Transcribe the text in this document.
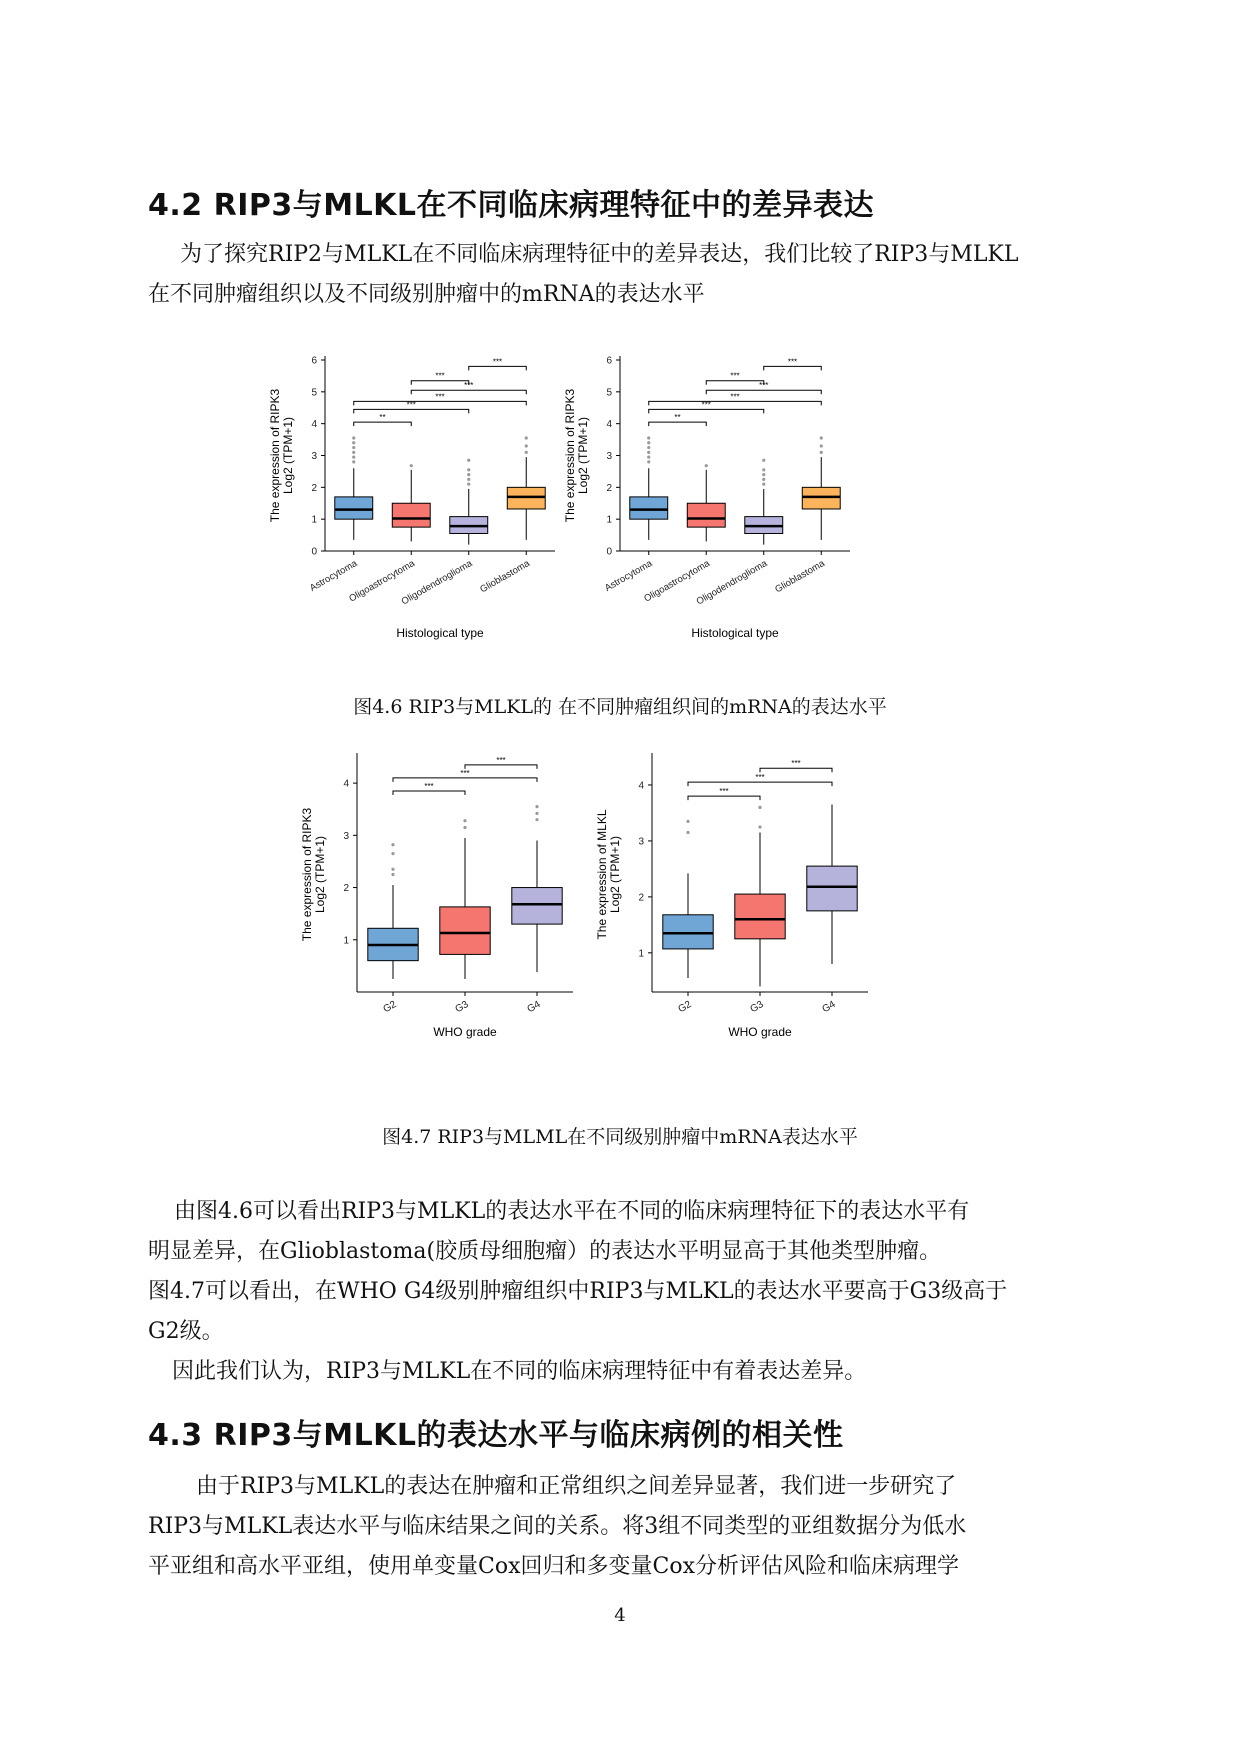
4.2 RIP3与MLKL在不同临床病理特征中的差异表达

为了探究RIP2与MLKL在不同临床病理特征中的差异表达，我们比较了RIP3与MLKL

在不同肿瘤组织以及不同级别肿瘤中的mRNA的表达水平

0
1
2
3
4
5
6
The expression of RIPK3 Log2 (TPM+1)
Astrocytoma
Oligoastrocytoma
Oligodendroglioma Glioblastoma
Histological type
**
***
***
***
***
***
0
1
2
3
4
5
6
The expression of RIPK3 Log2 (TPM+1)
Astrocytoma
Oligoastrocytoma
Oligodendroglioma Glioblastoma
Histological type
**
***
***
***
***
***

图4.6 RIP3与MLKL的 在不同肿瘤组织间的mRNA的表达水平

1
2
3
4
The expression of RIPK3 Log2 (TPM+1)
G2	G3	G4
WHO grade
***
***
***
1
2
3
4
The expression of MLKL Log2 (TPM+1)
G2	G3	G4
WHO grade
***
***
***

图4.7 RIP3与MLML在不同级别肿瘤中mRNA表达水平

由图4.6可以看出RIP3与MLKL的表达水平在不同的临床病理特征下的表达水平有

明显差异，在Glioblastoma(胶质母细胞瘤）的表达水平明显高于其他类型肿瘤。

图4.7可以看出，在WHO G4级别肿瘤组织中RIP3与MLKL的表达水平要高于G3级高于

G2级。

因此我们认为，RIP3与MLKL在不同的临床病理特征中有着表达差异。

4.3 RIP3与MLKL的表达水平与临床病例的相关性

由于RIP3与MLKL的表达在肿瘤和正常组织之间差异显著，我们进一步研究了

RIP3与MLKL表达水平与临床结果之间的关系。将3组不同类型的亚组数据分为低水

平亚组和高水平亚组，使用单变量Cox回归和多变量Cox分析评估风险和临床病理学

4
